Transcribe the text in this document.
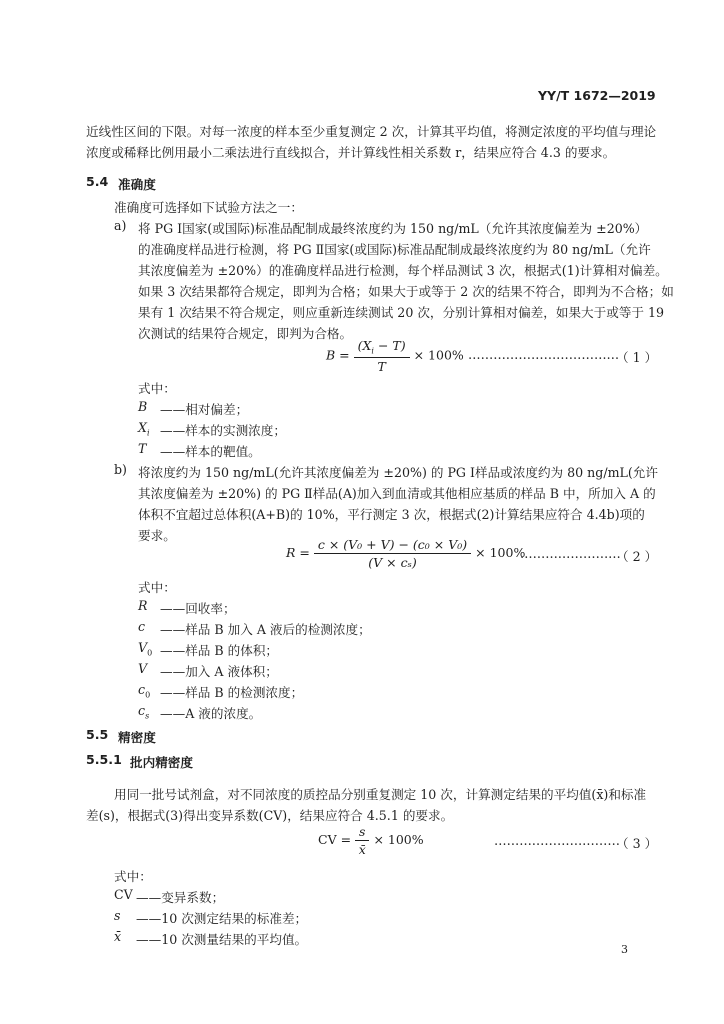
YY/T 1672—2019
近线性区间的下限。对每一浓度的样本至少重复测定 2 次，计算其平均值，将测定浓度的平均值与理论
浓度或稀释比例用最小二乘法进行直线拟合，并计算线性相关系数 r，结果应符合 4.3 的要求。
5.4 准确度
准确度可选择如下试验方法之一：
a) 将 PG Ⅰ国家(或国际)标准品配制成最终浓度约为 150 ng/mL（允许其浓度偏差为 ±20%）
的准确度样品进行检测，将 PG Ⅱ国家(或国际)标准品配制成最终浓度约为 80 ng/mL（允许
其浓度偏差为 ±20%）的准确度样品进行检测，每个样品测试 3 次，根据式(1)计算相对偏差。
如果 3 次结果都符合规定，即判为合格；如果大于或等于 2 次的结果不符合，即判为不合格；如
果有 1 次结果不符合规定，则应重新连续测试 20 次，分别计算相对偏差，如果大于或等于 19
次测试的结果符合规定，即判为合格。
$B = \frac{(X_i - T)}{T} \times 100\%$ ………………………………
（ 1 ）
式中：
B ——相对偏差；
$X_i$ ——样本的实测浓度；
T ——样本的靶值。
b) 将浓度约为 150 ng/mL(允许其浓度偏差为 ±20%) 的 PG Ⅰ样品或浓度约为 80 ng/mL(允许
其浓度偏差为 ±20%) 的 PG Ⅱ样品(A)加入到血清或其他相应基质的样品 B 中，所加入 A 的
体积不宜超过总体积(A+B)的 10%，平行测定 3 次，根据式(2)计算结果应符合 4.4b)项的
要求。
$R = \frac{\text{c × (V₀ + V) − (c₀ × V₀)}}{\text{(V × cₛ)}} \times 100\%$
……………………
（ 2 ）
式中：
R ——回收率；
c ——样品 B 加入 A 液后的检测浓度；
$V_0$ ——样品 B 的体积；
V ——加入 A 液体积；
$c_0$ ——样品 B 的检测浓度；
$c_s$ ——A 液的浓度。
5.5 精密度
5.5.1 批内精密度
用同一批号试剂盒，对不同浓度的质控品分别重复测定 10 次，计算测定结果的平均值(x̄)和标准
差(s)，根据式(3)得出变异系数(CV)，结果应符合 4.5.1 的要求。
CV = $\frac{s}{x̄} \times 100\%$	…………………………
（ 3 ）
式中：
CV ——变异系数；
s ——10 次测定结果的标准差；
x̄ ——10 次测量结果的平均值。
3
